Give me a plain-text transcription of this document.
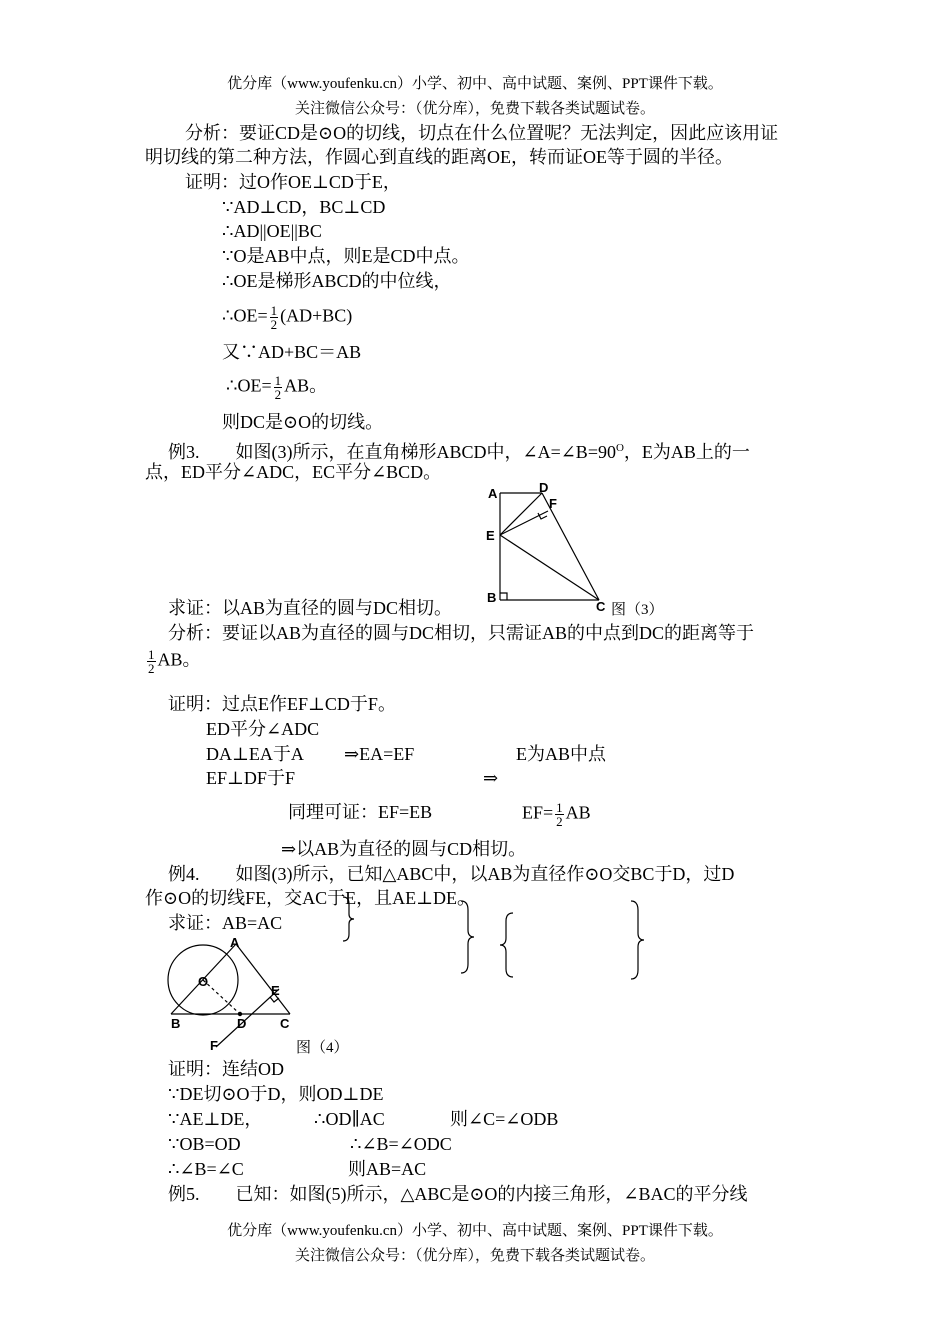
优分库（www.youfenku.cn）小学、初中、高中试题、案例、PPT课件下载。
关注微信公众号：（优分库），免费下载各类试题试卷。
分析：要证CD是⊙O的切线，切点在什么位置呢？无法判定，因此应该用证
明切线的第二种方法，作圆心到直线的距离OE，转而证OE等于圆的半径。
证明：过O作OE⊥CD于E，
∵AD⊥CD，BC⊥CD
∴AD||OE||BC
∵O是AB中点，则E是CD中点。
∴OE是梯形ABCD的中位线，
∴OE= $\frac{1}{2} (AD+BC)$
又∵AD+BC＝AB
∴OE= $\frac{1}{2}$ AB。
则DC是⊙O的切线。
例3.　　如图(3)所示，在直角梯形ABCD中，$\angle A=\angle B=90^O$，E为AB上的一
点，ED平分∠ADC，EC平分∠BCD。
A	D
F
E
B
C 图（3）
求证：以AB为直径的圆与DC相切。
分析：要证以AB为直径的圆与DC相切，只需证AB的中点到DC的距离等于
$\frac{1}{2}$ AB。
证明：过点E作EF⊥CD于F。
ED平分∠ADC
DA⊥EA于A ⇒EA=EF	E为AB中点
EF⊥DF于F	⇒
同理可证：EF=EB	$EF= \frac{1}{2}$ AB
⇒以AB为直径的圆与CD相切。
例4.　　如图(3)所示，已知△ABC中，以AB为直径作⊙O交BC于D，过D
作⊙O的切线FE，交AC于E，且AE⊥DE。
求证：AB=AC
A
O
E
B	D	C
F	图（4）
证明：连结OD
∵DE切⊙O于D，则OD⊥DE
∵AE⊥DE，	∴OD∥AC	则∠C=∠ODB
∵OB=OD	∴∠B=∠ODC
∴∠B=∠C	则AB=AC
例5.　　已知：如图(5)所示，△ABC是⊙O的内接三角形，∠BAC的平分线
优分库（www.youfenku.cn）小学、初中、高中试题、案例、PPT课件下载。
关注微信公众号：（优分库），免费下载各类试题试卷。
